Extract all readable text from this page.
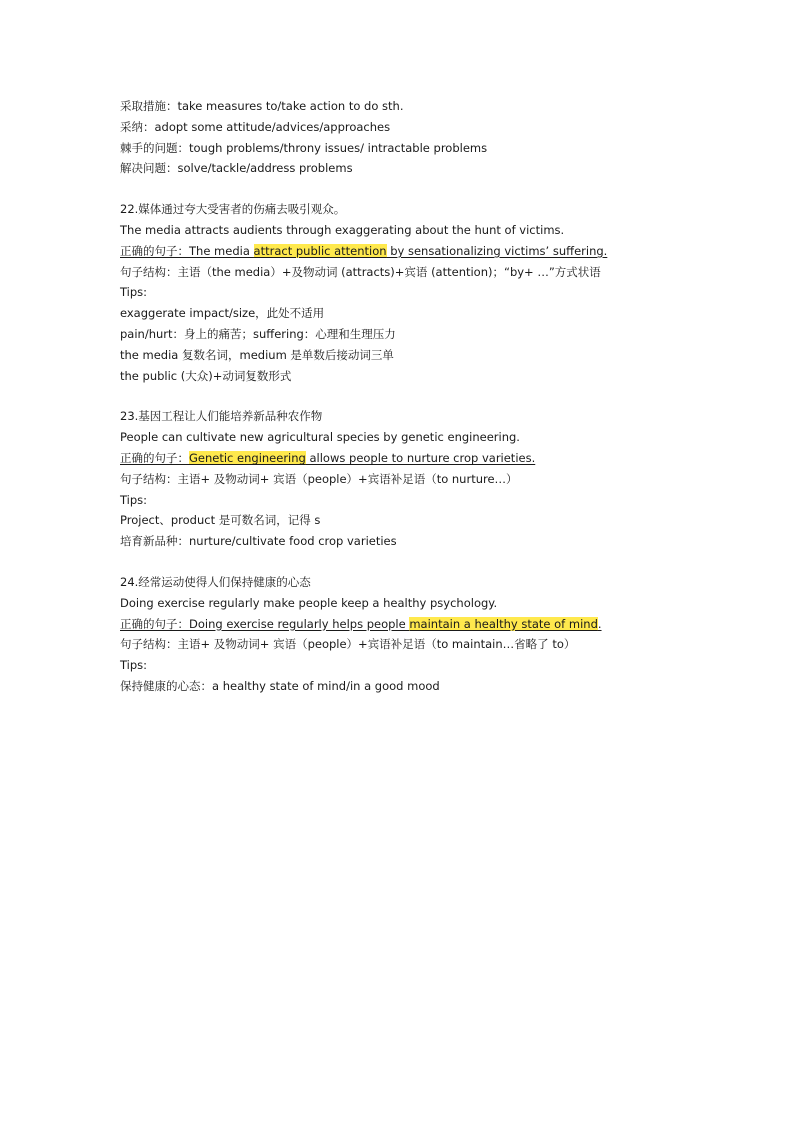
采取措施：take measures to/take action to do sth.
采纳：adopt some attitude/advices/approaches
棘手的问题：tough problems/throny issues/ intractable problems
解决问题：solve/tackle/address problems
22.媒体通过夸大受害者的伤痛去吸引观众。
The media attracts audients through exaggerating about the hunt of victims.
正确的句子：The media attract public attention by sensationalizing victims’ suffering.
句子结构：主语（the media）+及物动词 (attracts)+宾语 (attention)；“by+ …”方式状语
Tips:
exaggerate impact/size，此处不适用
pain/hurt：身上的痛苦；suffering：心理和生理压力
the media 复数名词，medium 是单数后接动词三单
the public (大众)+动词复数形式
23.基因工程让人们能培养新品种农作物
People can cultivate new agricultural species by genetic engineering.
正确的句子：Genetic engineering allows people to nurture crop varieties.
句子结构：主语+ 及物动词+ 宾语（people）+宾语补足语（to nurture…）
Tips:
Project、product 是可数名词，记得 s
培育新品种：nurture/cultivate food crop varieties
24.经常运动使得人们保持健康的心态
Doing exercise regularly make people keep a healthy psychology.
正确的句子：Doing exercise regularly helps people maintain a healthy state of mind.
句子结构：主语+ 及物动词+ 宾语（people）+宾语补足语（to maintain…省略了 to）
Tips:
保持健康的心态：a healthy state of mind/in a good mood
